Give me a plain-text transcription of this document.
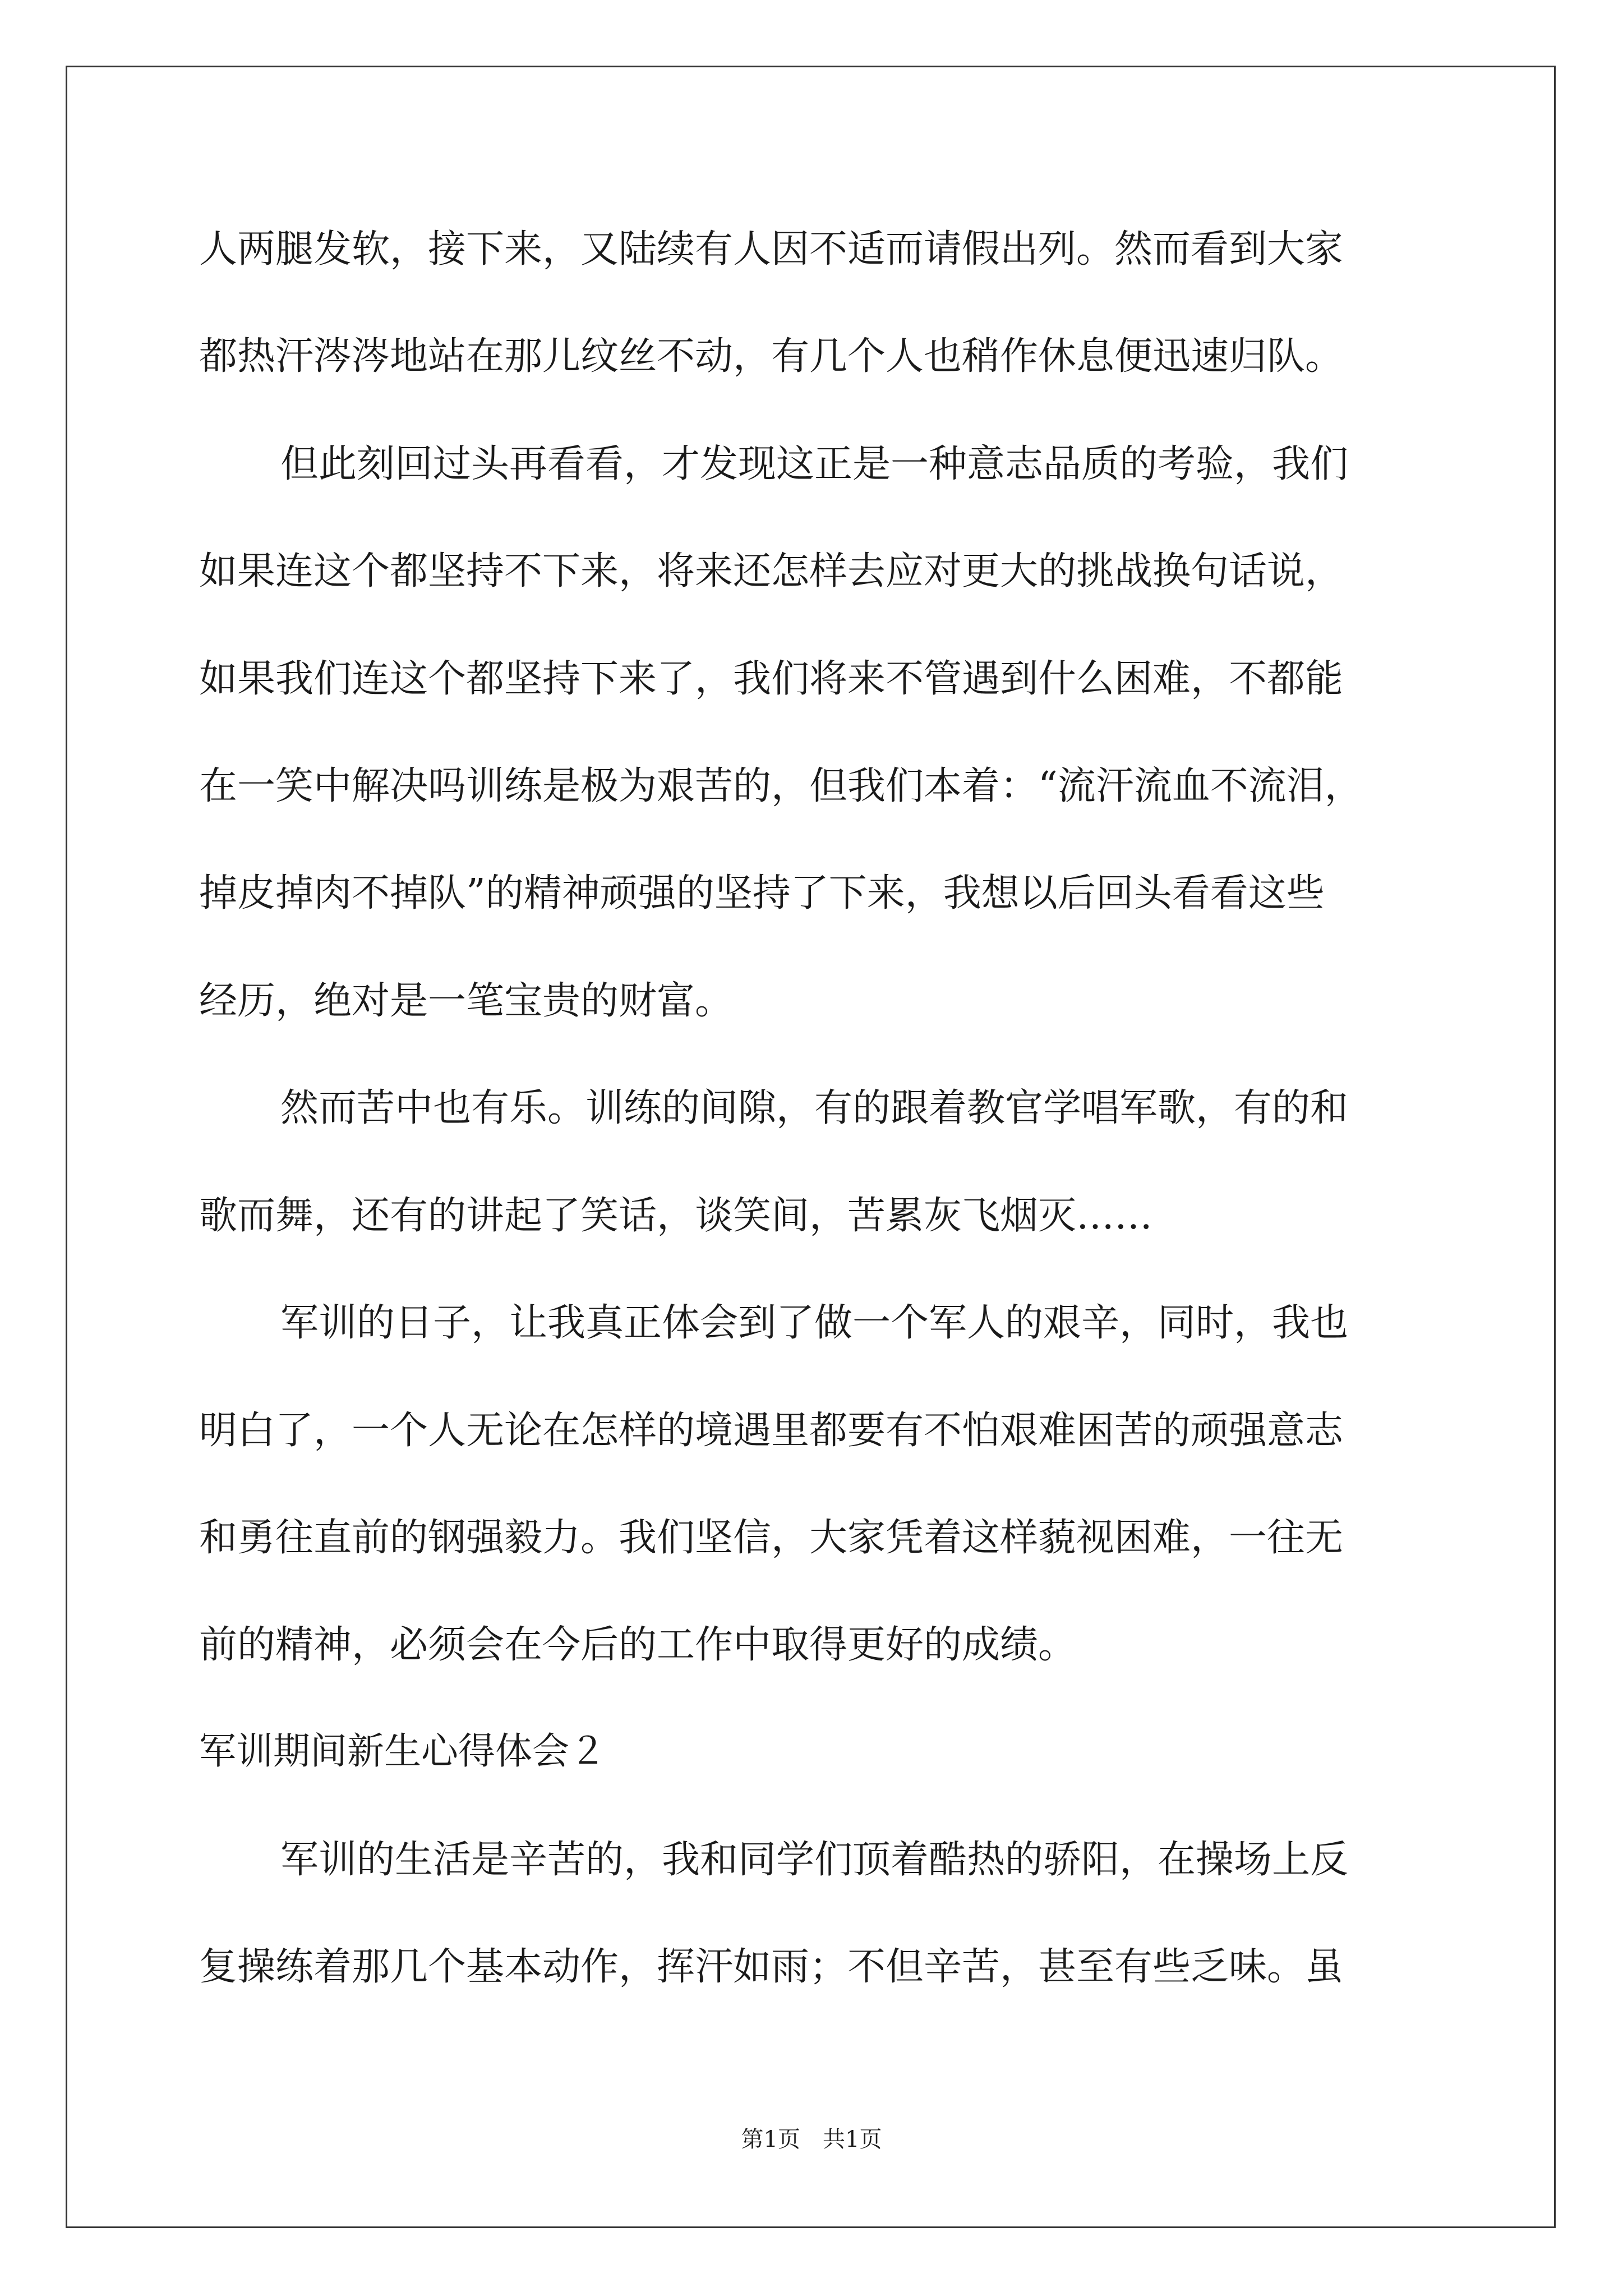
人两腿发软，接下来，又陆续有人因不适而请假出列。然而看到大家
都热汗涔涔地站在那儿纹丝不动，有几个人也稍作休息便迅速归队。
但此刻回过头再看看，才发现这正是一种意志品质的考验，我们
如果连这个都坚持不下来，将来还怎样去应对更大的挑战换句话说，
如果我们连这个都坚持下来了，我们将来不管遇到什么困难，不都能
在一笑中解决吗训练是极为艰苦的，但我们本着：“流汗流血不流泪，
掉皮掉肉不掉队”的精神顽强的坚持了下来，我想以后回头看看这些
经历，绝对是一笔宝贵的财富。
然而苦中也有乐。训练的间隙，有的跟着教官学唱军歌，有的和
歌而舞，还有的讲起了笑话，谈笑间，苦累灰飞烟灭……
军训的日子，让我真正体会到了做一个军人的艰辛，同时，我也
明白了，一个人无论在怎样的境遇里都要有不怕艰难困苦的顽强意志
和勇往直前的钢强毅力。我们坚信，大家凭着这样藐视困难，一往无
前的精神，必须会在今后的工作中取得更好的成绩。
军训期间新生心得体会２
军训的生活是辛苦的，我和同学们顶着酷热的骄阳，在操场上反
复操练着那几个基本动作，挥汗如雨；不但辛苦，甚至有些乏味。虽
第1页　共1页
